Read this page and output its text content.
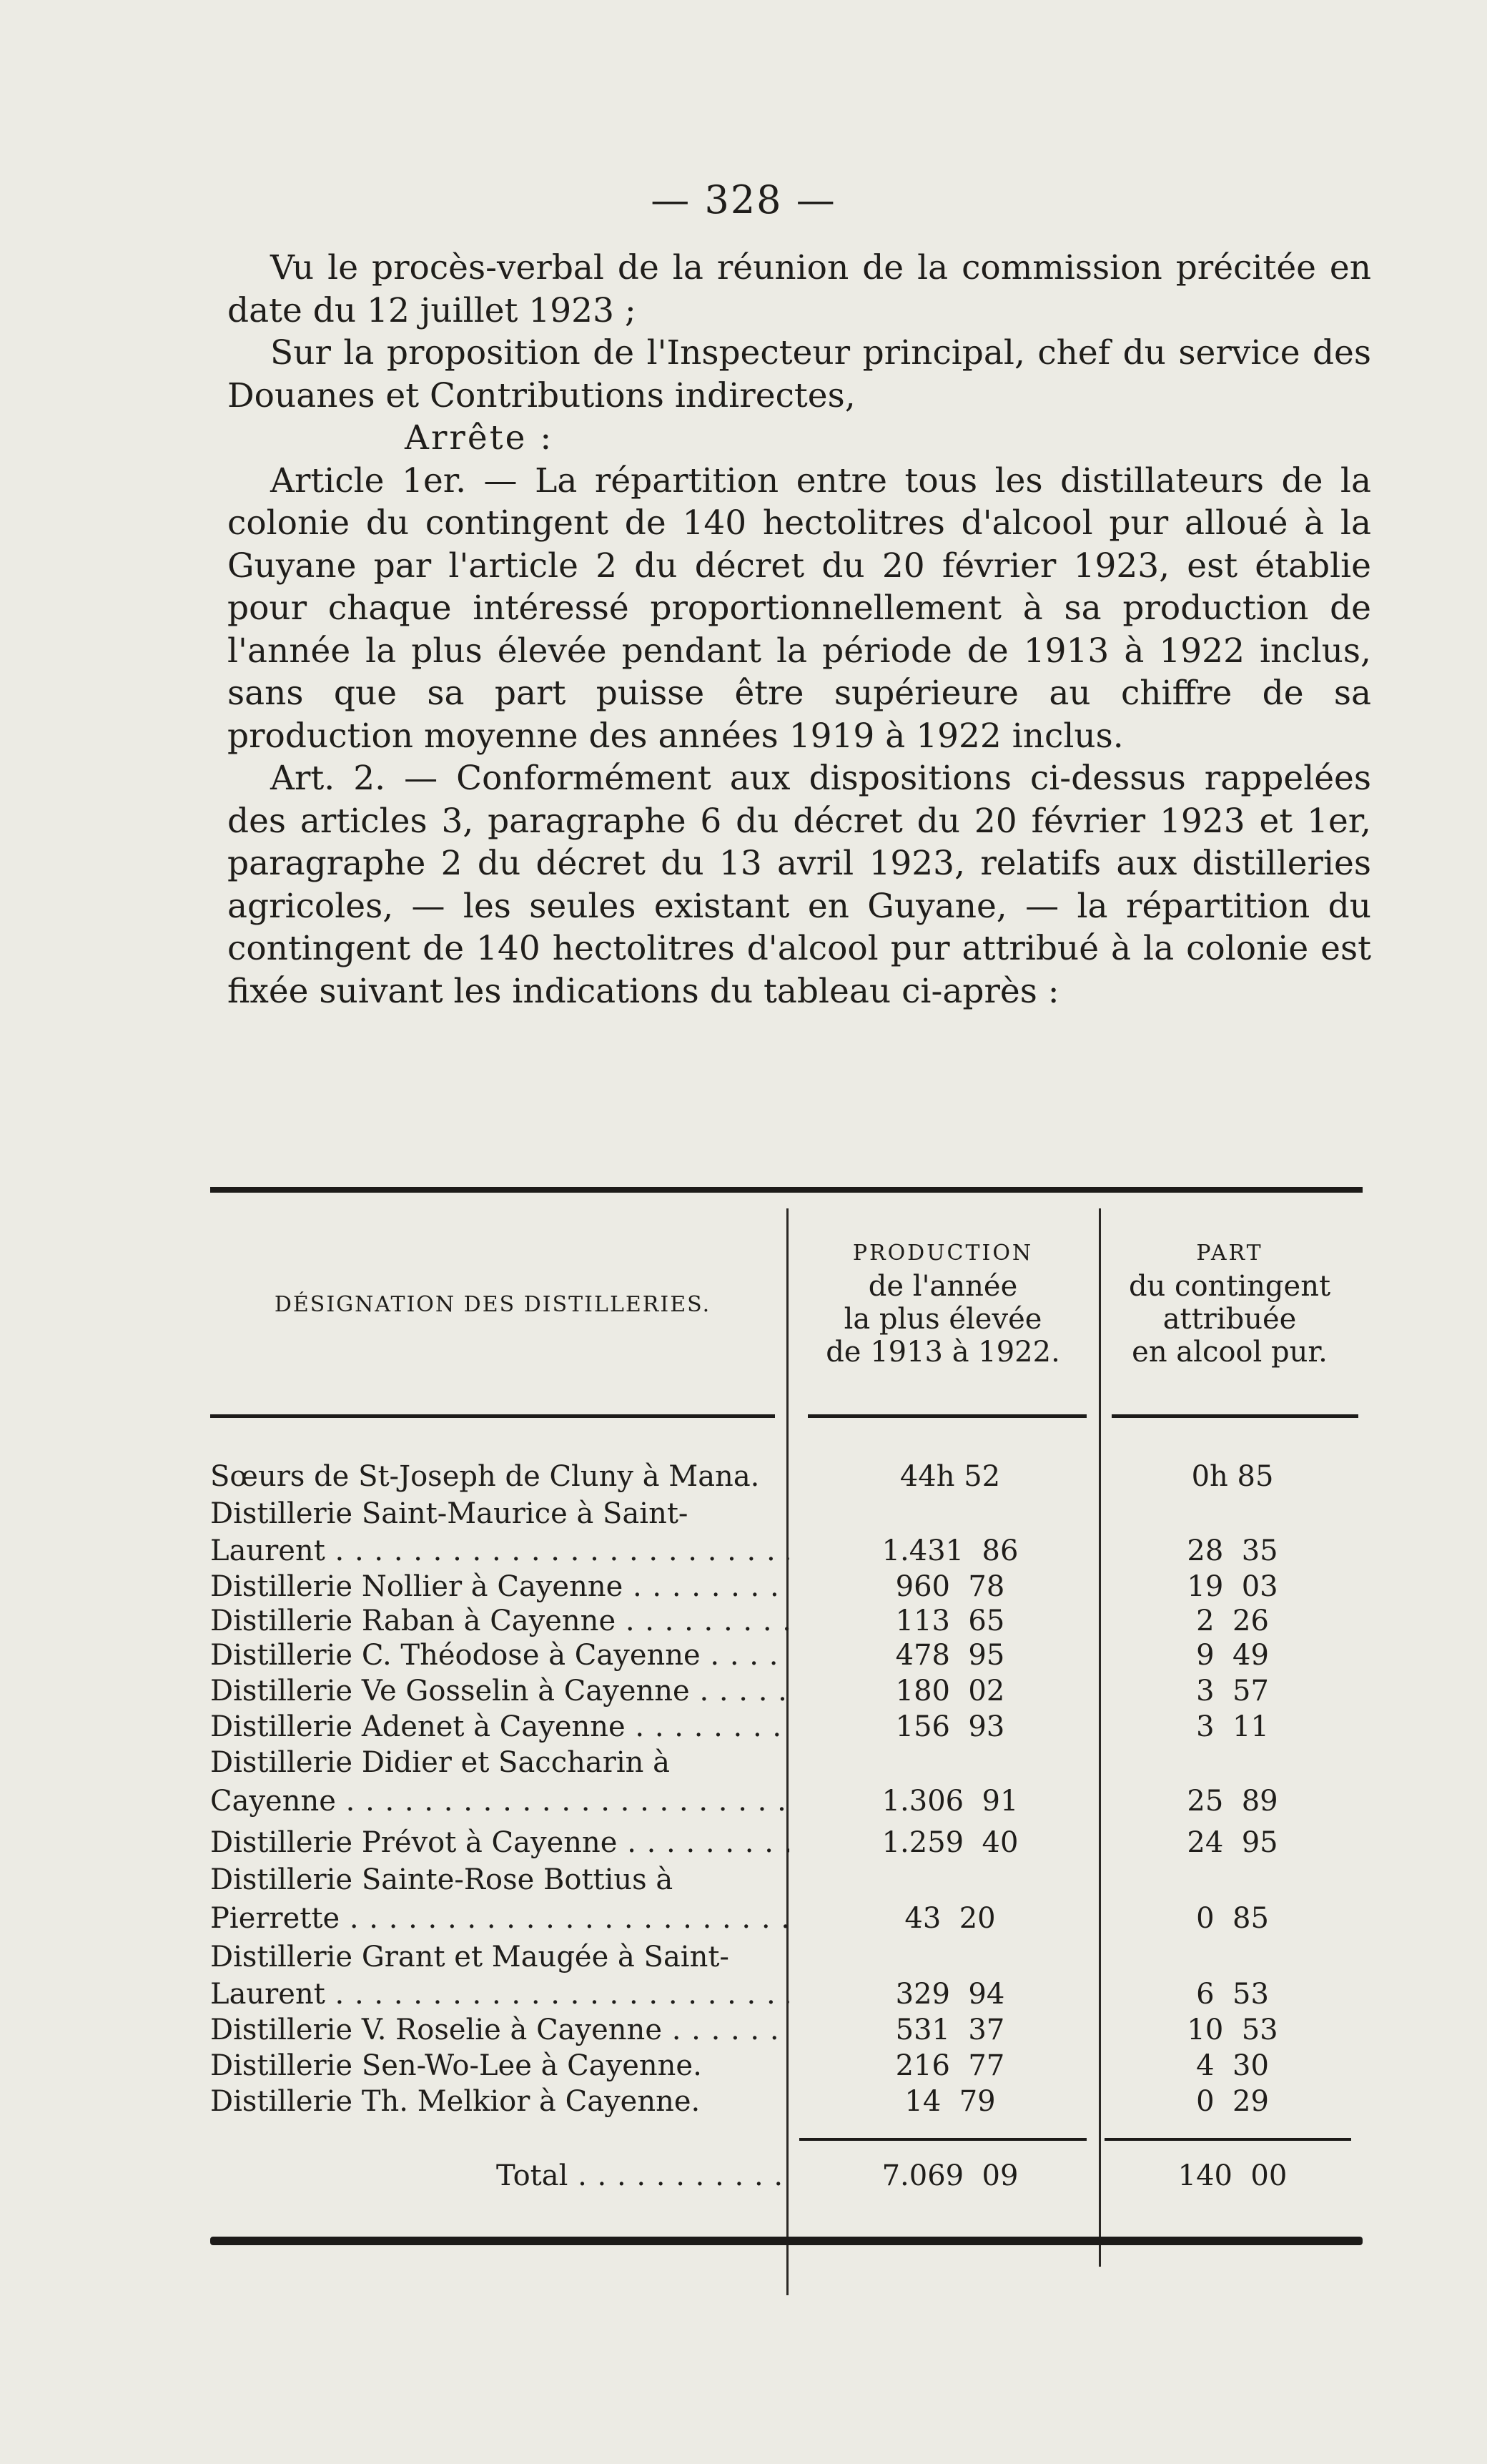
— 328 —

Vu le procès-verbal de la réunion de la commission précitée en date du 12 juillet 1923 ;

Sur la proposition de l'Inspecteur principal, chef du service des Douanes et Contributions indirectes,

Arrête :

Article 1er. — La répartition entre tous les distillateurs de la colonie du contingent de 140 hectolitres d'alcool pur alloué à la Guyane par l'article 2 du décret du 20 février 1923, est établie pour chaque intéressé proportionnellement à sa production de l'année la plus élevée pendant la période de 1913 à 1922 inclus, sans que sa part puisse être supérieure au chiffre de sa production moyenne des années 1919 à 1922 inclus.

Art. 2. — Conformément aux dispositions ci-dessus rappelées des articles 3, paragraphe 6 du décret du 20 février 1923 et 1er, paragraphe 2 du décret du 13 avril 1923, relatifs aux distilleries agricoles, — les seules existant en Guyane, — la répartition du contingent de 140 hectolitres d'alcool pur attribué à la colonie est fixée suivant les indications du tableau ci-après :

DÉSIGNATION DES DISTILLERIES.
PRODUCTION
de l'année
la plus élevée
de 1913 à 1922.
PART
du contingent
attribuée
en alcool pur.
Sœurs de St-Joseph de Cluny à Mana.	44h 52	0h 85
Distillerie Saint-Maurice à Saint-
Laurent . . .	1.431  86	28  35
Distillerie Nollier à Cayenne . . .	960  78	19  03
Distillerie Raban à Cayenne . . .	113  65	2  26
Distillerie C. Théodose à Cayenne . . .	478  95	9  49
Distillerie Ve Gosselin à Cayenne . . .	180  02	3  57
Distillerie Adenet à Cayenne . . .	156  93	3  11
Distillerie Didier et Saccharin à
Cayenne . . .	1.306  91	25  89
Distillerie Prévot à Cayenne . . .	1.259  40	24  95
Distillerie Sainte-Rose Bottius à
Pierrette . . .	43  20	0  85
Distillerie Grant et Maugée à Saint-
Laurent . . .	329  94	6  53
Distillerie V. Roselie à Cayenne . . .	531  37	10  53
Distillerie Sen-Wo-Lee à Cayenne.	216  77	4  30
Distillerie Th. Melkior à Cayenne.	14  79	0  29
Total . . .	7.069  09	140  00
